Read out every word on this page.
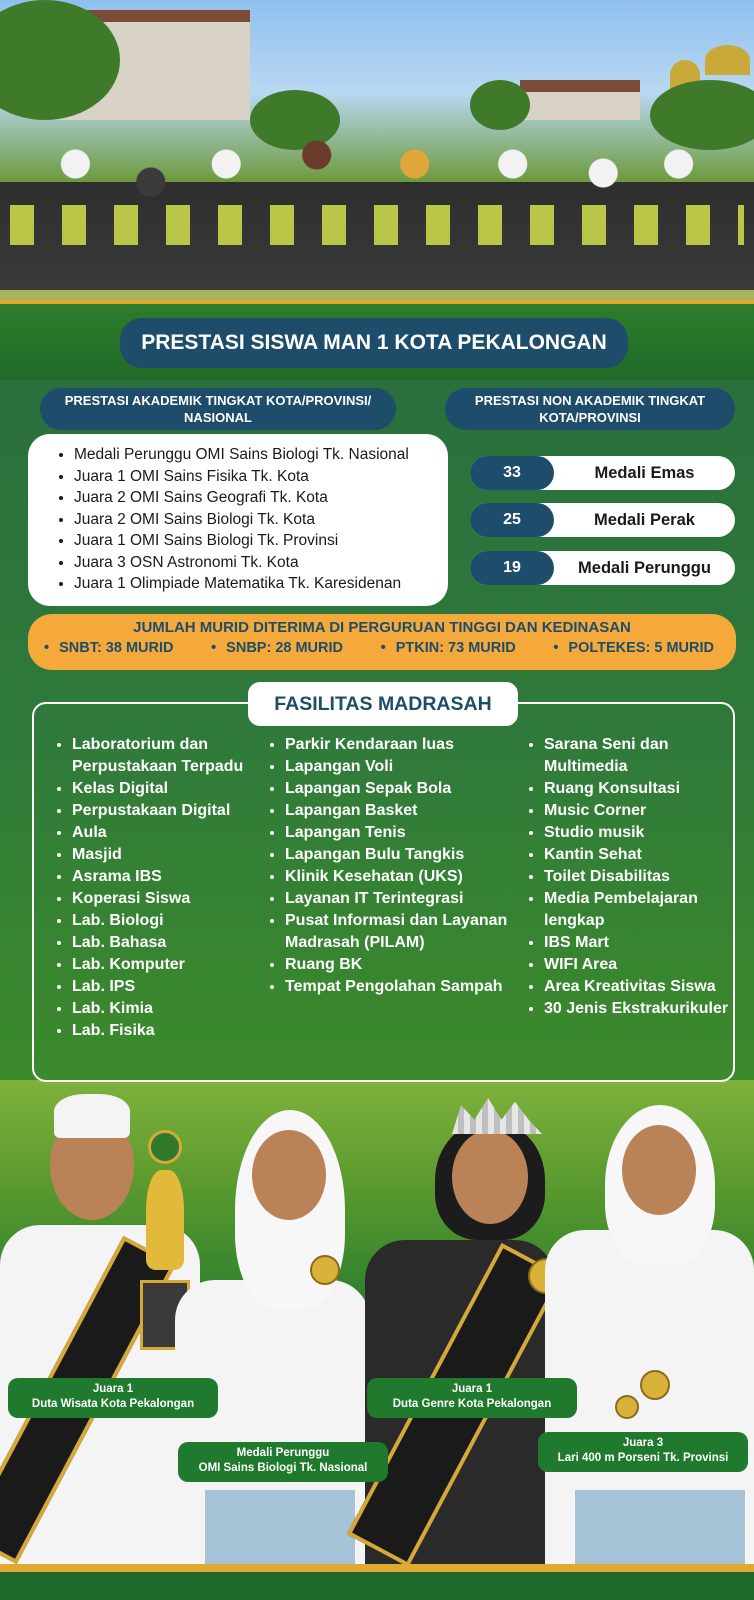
PRESTASI SISWA MAN 1 KOTA PEKALONGAN
PRESTASI AKADEMIK TINGKAT KOTA/PROVINSI/ NASIONAL
PRESTASI NON AKADEMIK TINGKAT KOTA/PROVINSI
• Medali Perunggu OMI Sains Biologi Tk. Nasional
• Juara 1 OMI Sains Fisika Tk. Kota
• Juara 2 OMI Sains Geografi Tk. Kota
• Juara 2 OMI Sains Biologi Tk. Kota
• Juara 1 OMI Sains Biologi Tk. Provinsi
• Juara 3 OSN Astronomi Tk. Kota
• Juara 1 Olimpiade Matematika Tk. Karesidenan
33	Medali Emas
25	Medali Perak
19	Medali Perunggu
JUMLAH MURID DITERIMA DI PERGURUAN TINGGI DAN KEDINASAN
• SNBT: 38 MURID	• SNBP: 28 MURID	• PTKIN: 73 MURID	• POLTEKES: 5 MURID
FASILITAS MADRASAH
• Laboratorium dan Perpustakaan Terpadu
• Kelas Digital
• Perpustakaan Digital
• Aula
• Masjid
• Asrama IBS
• Koperasi Siswa
• Lab. Biologi
• Lab. Bahasa
• Lab. Komputer
• Lab. IPS
• Lab. Kimia
• Lab. Fisika
• Parkir Kendaraan luas
• Lapangan Voli
• Lapangan Sepak Bola
• Lapangan Basket
• Lapangan Tenis
• Lapangan Bulu Tangkis
• Klinik Kesehatan (UKS)
• Layanan IT Terintegrasi
• Pusat Informasi dan Layanan Madrasah (PILAM)
• Ruang BK
• Tempat Pengolahan Sampah
• Sarana Seni dan Multimedia
• Ruang Konsultasi
• Music Corner
• Studio musik
• Kantin Sehat
• Toilet Disabilitas
• Media Pembelajaran lengkap
• IBS Mart
• WIFI Area
• Area Kreativitas Siswa
• 30 Jenis Ekstrakurikuler
Juara 1
Duta Wisata Kota Pekalongan
Medali Perunggu
OMI Sains Biologi Tk. Nasional
Juara 1
Duta Genre Kota Pekalongan
Juara 3
Lari 400 m Porseni Tk. Provinsi
